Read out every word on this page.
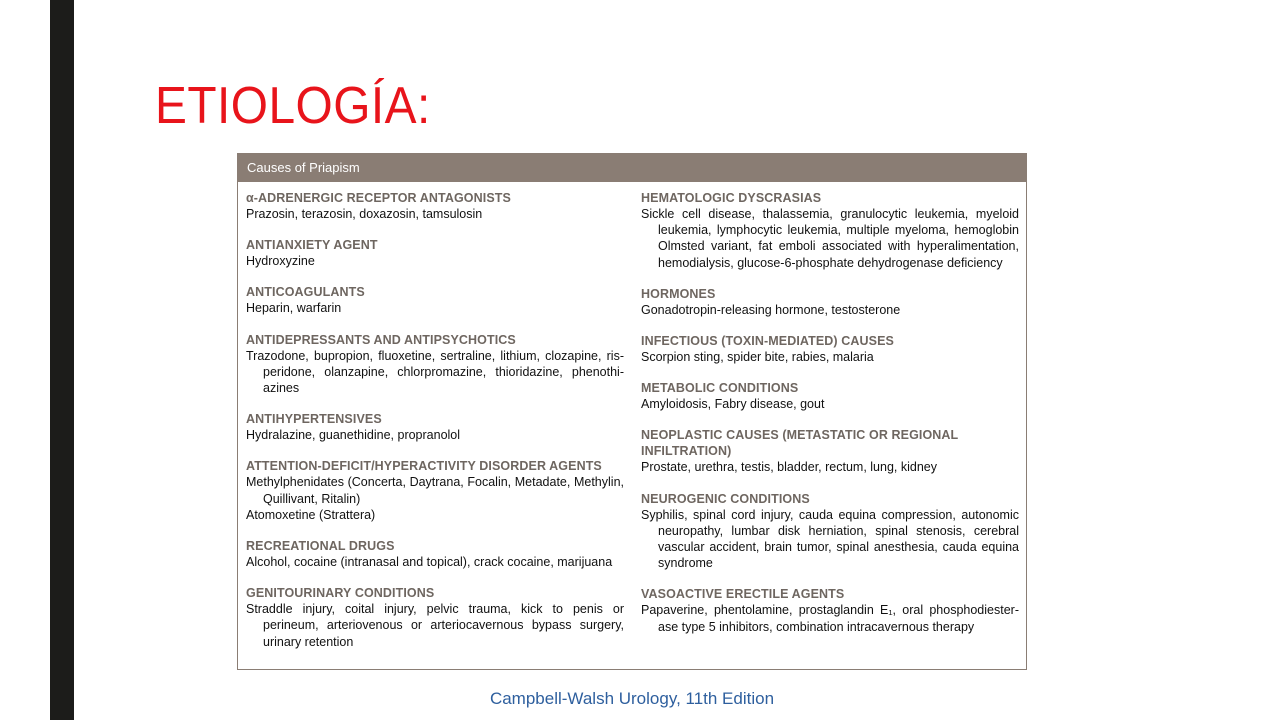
ETIOLOGÍA:
Causes of Priapism
α-ADRENERGIC RECEPTOR ANTAGONISTS
Prazosin, terazosin, doxazosin, tamsulosin
ANTIANXIETY AGENT
Hydroxyzine
ANTICOAGULANTS
Heparin, warfarin
ANTIDEPRESSANTS AND ANTIPSYCHOTICS
Trazodone, bupropion, fluoxetine, sertraline, lithium, clozapine, risperidone, olanzapine, chlorpromazine, thioridazine, phenothiazines
ANTIHYPERTENSIVES
Hydralazine, guanethidine, propranolol
ATTENTION-DEFICIT/HYPERACTIVITY DISORDER AGENTS
Methylphenidates (Concerta, Daytrana, Focalin, Metadate, Methylin, Quillivant, Ritalin)
Atomoxetine (Strattera)
RECREATIONAL DRUGS
Alcohol, cocaine (intranasal and topical), crack cocaine, marijuana
GENITOURINARY CONDITIONS
Straddle injury, coital injury, pelvic trauma, kick to penis or perineum, arteriovenous or arteriocavernous bypass surgery, urinary retention
HEMATOLOGIC DYSCRASIAS
Sickle cell disease, thalassemia, granulocytic leukemia, myeloid leukemia, lymphocytic leukemia, multiple myeloma, hemoglobin Olmsted variant, fat emboli associated with hyperalimentation, hemodialysis, glucose-6-phosphate dehydrogenase deficiency
HORMONES
Gonadotropin-releasing hormone, testosterone
INFECTIOUS (TOXIN-MEDIATED) CAUSES
Scorpion sting, spider bite, rabies, malaria
METABOLIC CONDITIONS
Amyloidosis, Fabry disease, gout
NEOPLASTIC CAUSES (METASTATIC OR REGIONAL INFILTRATION)
Prostate, urethra, testis, bladder, rectum, lung, kidney
NEUROGENIC CONDITIONS
Syphilis, spinal cord injury, cauda equina compression, autonomic neuropathy, lumbar disk herniation, spinal stenosis, cerebral vascular accident, brain tumor, spinal anesthesia, cauda equina syndrome
VASOACTIVE ERECTILE AGENTS
Papaverine, phentolamine, prostaglandin E₁, oral phosphodiesterase type 5 inhibitors, combination intracavernous therapy
Campbell-Walsh Urology, 11th Edition
